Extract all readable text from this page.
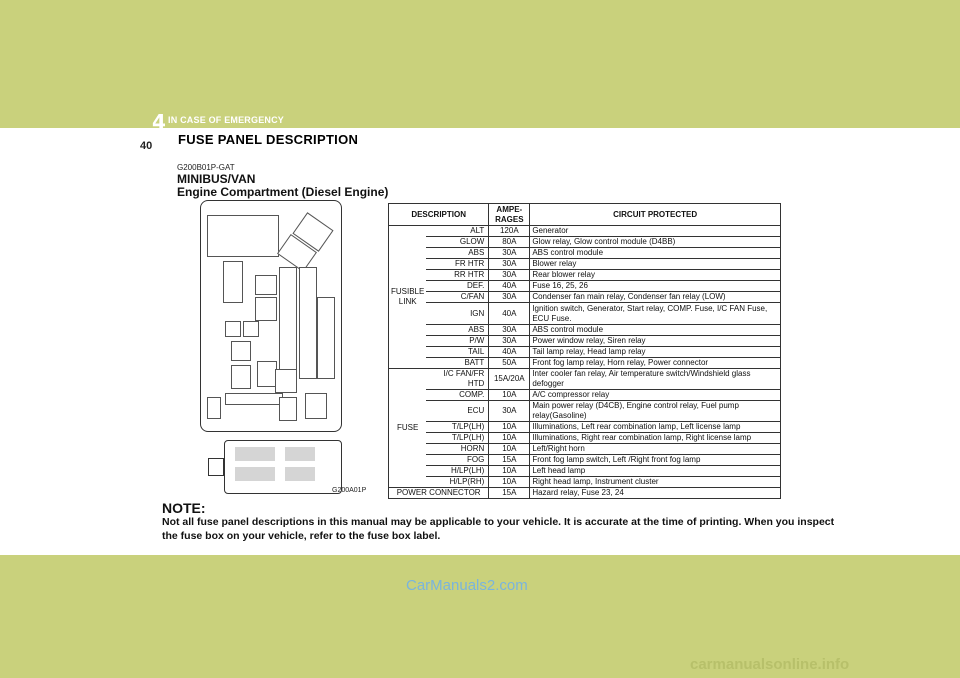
4 IN CASE OF EMERGENCY
40 FUSE PANEL DESCRIPTION
G200B01P-GAT
MINIBUS/VAN
Engine Compartment (Diesel Engine)
G200A01P
DESCRIPTION		AMPE- RAGES	CIRCUIT PROTECTED
FUSIBLE LINK	ALT	120A	Generator
	GLOW	80A	Glow relay, Glow control module (D4BB)
	ABS	30A	ABS control module
	FR HTR	30A	Blower relay
	RR HTR	30A	Rear blower relay
	DEF.	40A	Fuse 16, 25, 26
	C/FAN	30A	Condenser fan main relay, Condenser fan relay (LOW)
	IGN	40A	Ignition switch, Generator, Start relay, COMP. Fuse, I/C FAN Fuse, ECU Fuse.
	ABS	30A	ABS control module
	P/W	30A	Power window relay, Siren relay
	TAIL	40A	Tail lamp relay, Head lamp relay
	BATT	50A	Front fog lamp relay, Horn relay, Power connector
FUSE	I/C FAN/FR HTD	15A/20A	Inter cooler fan relay, Air temperature switch/Windshield glass defogger
	COMP.	10A	A/C compressor relay
	ECU	30A	Main power relay (D4CB), Engine control relay, Fuel pump relay(Gasoline)
	T/LP(LH)	10A	Illuminations, Left rear combination lamp, Left license lamp
	T/LP(LH)	10A	Illuminations, Right rear combination lamp, Right license lamp
	HORN	10A	Left/Right horn
	FOG	15A	Front fog lamp switch, Left /Right front fog lamp
	H/LP(LH)	10A	Left head lamp
	H/LP(RH)	10A	Right head lamp, Instrument cluster
POWER CONNECTOR		15A	Hazard relay, Fuse 23, 24
NOTE:
Not all fuse panel descriptions in this manual may be applicable to your vehicle. It is accurate at the time of printing. When you inspect the fuse box on your vehicle, refer to the fuse box label.
CarManuals2.com
carmanualsonline.info
